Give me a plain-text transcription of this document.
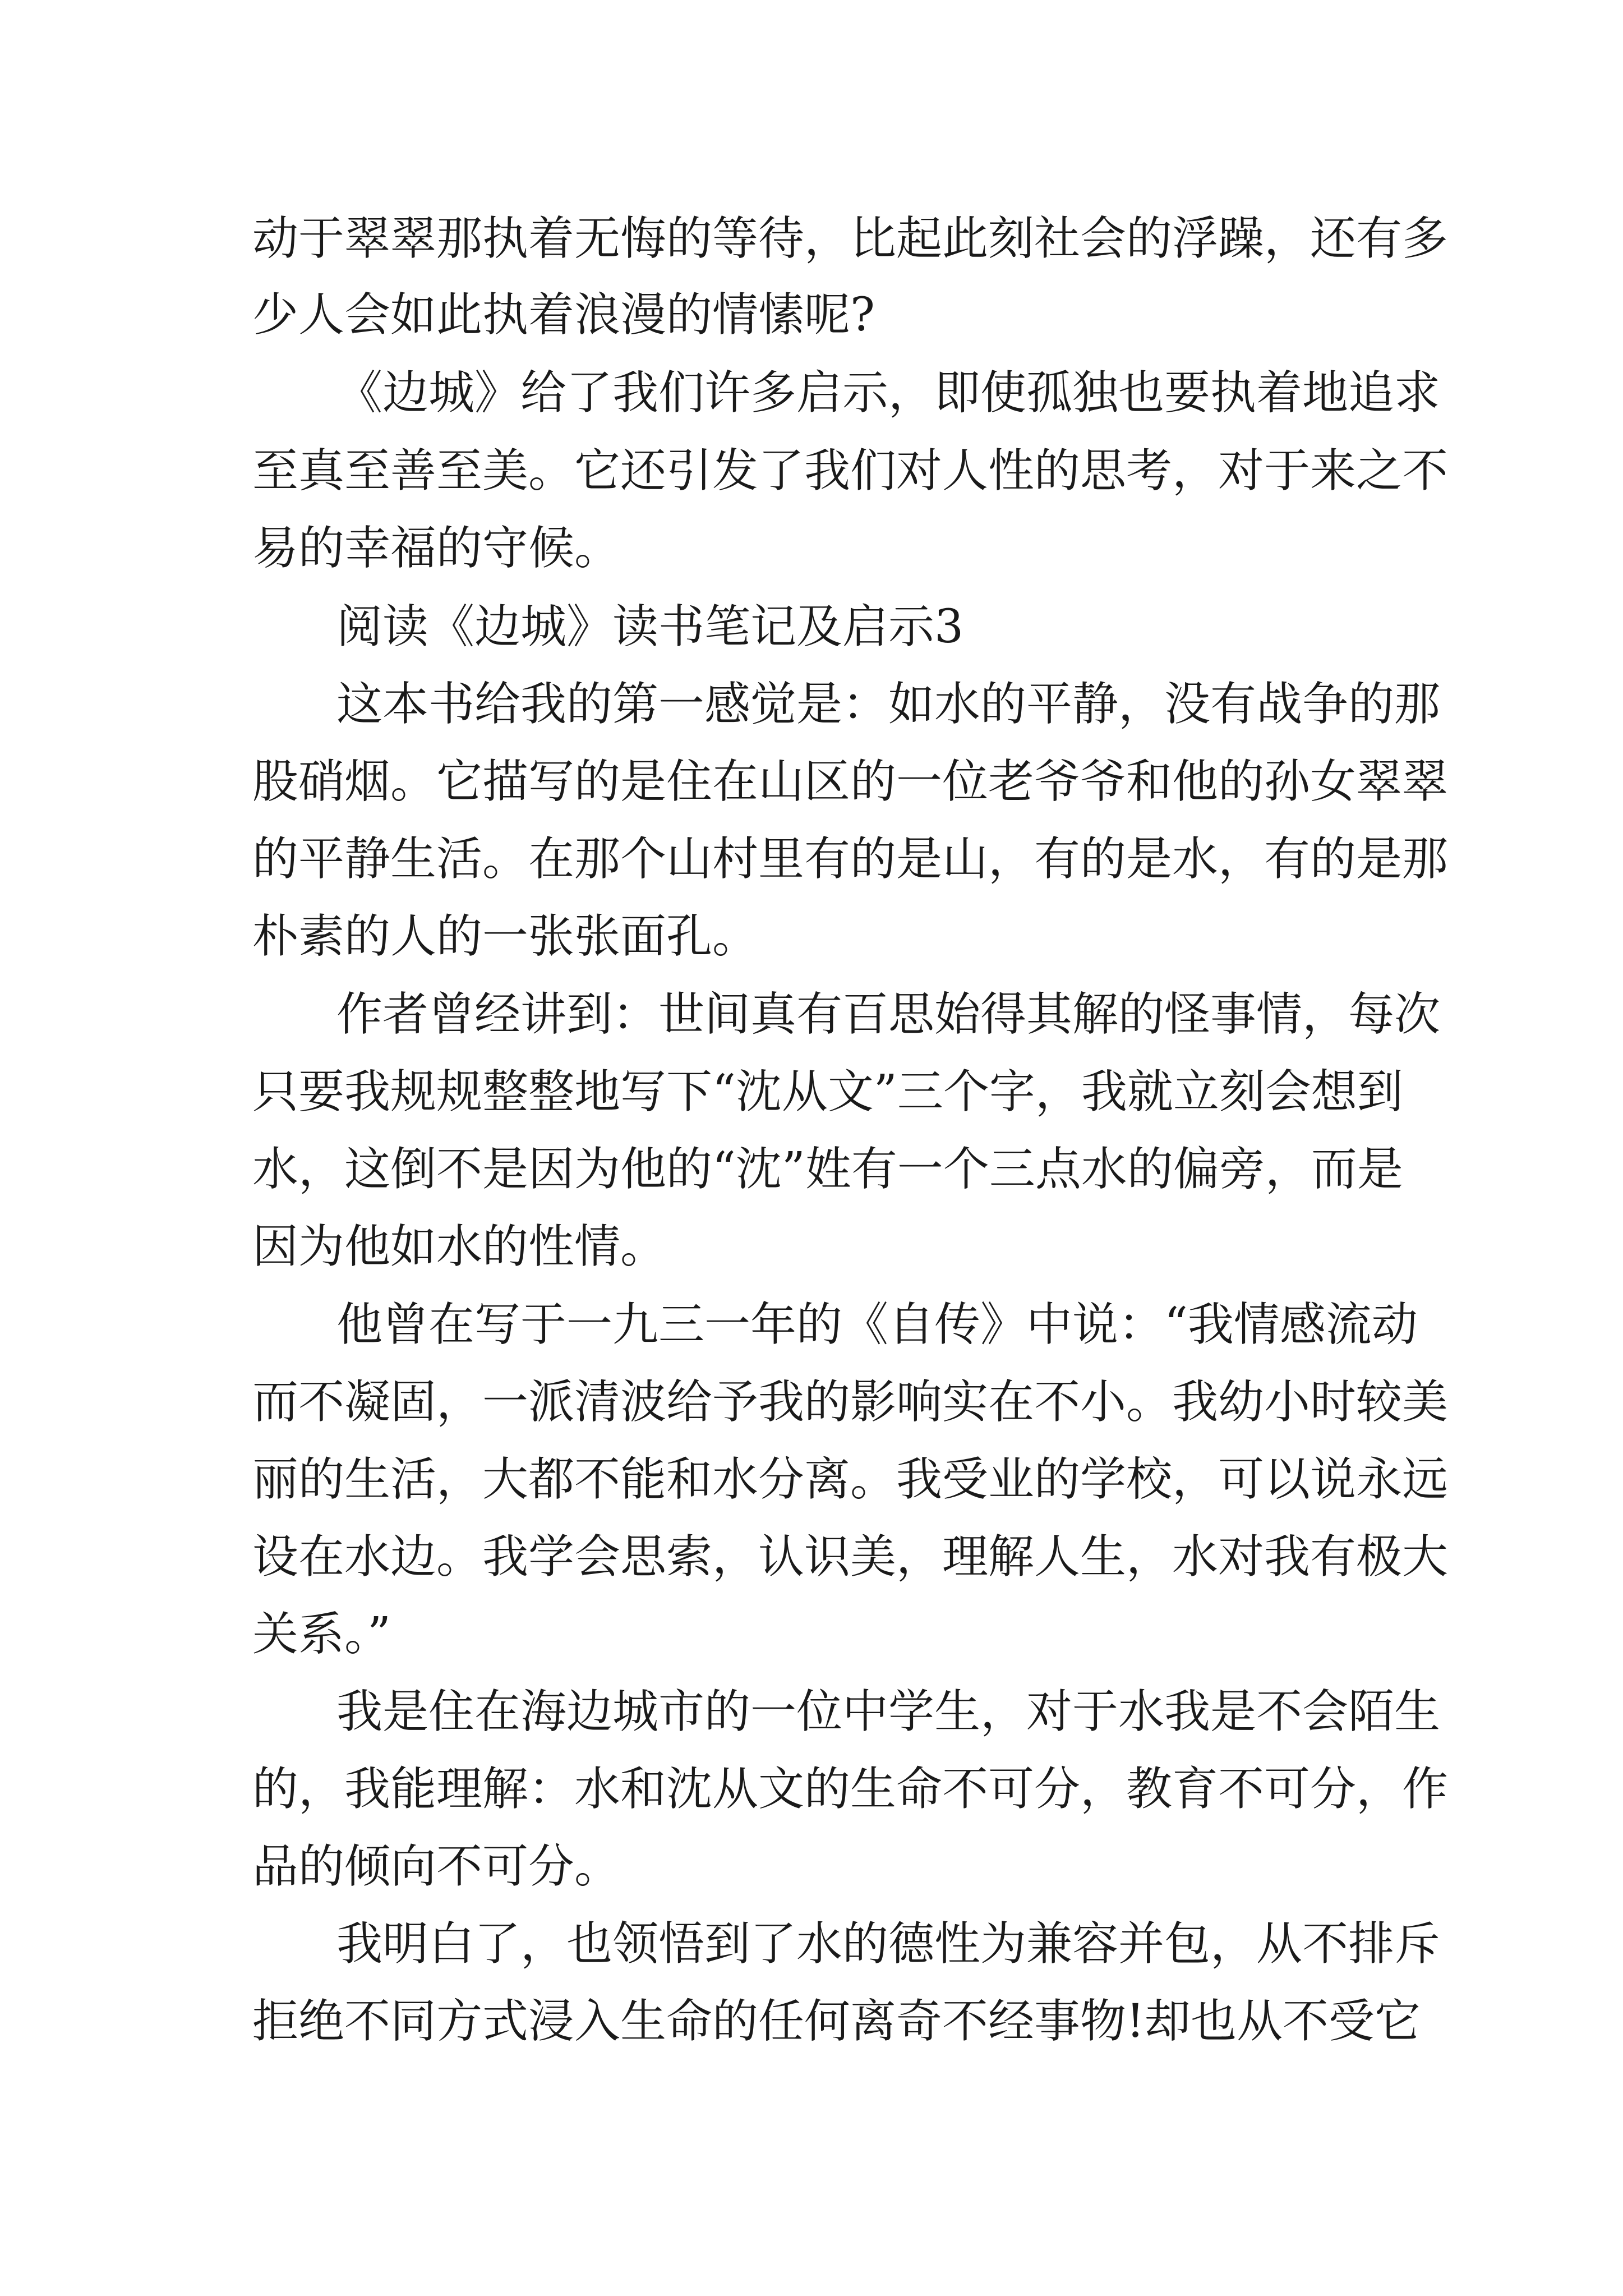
动于翠翠那执着无悔的等待，比起此刻社会的浮躁，还有多

少人会如此执着浪漫的情愫呢?

《边城》给了我们许多启示，即使孤独也要执着地追求

至真至善至美。它还引发了我们对人性的思考，对于来之不

易的幸福的守候。

阅读《边城》读书笔记及启示3

这本书给我的第一感觉是：如水的平静，没有战争的那

股硝烟。它描写的是住在山区的一位老爷爷和他的孙女翠翠

的平静生活。在那个山村里有的是山，有的是水，有的是那

朴素的人的一张张面孔。

作者曾经讲到：世间真有百思始得其解的怪事情，每次

只要我规规整整地写下“沈从文”三个字，我就立刻会想到

水，这倒不是因为他的“沈”姓有一个三点水的偏旁，而是

因为他如水的性情。

他曾在写于一九三一年的《自传》中说：“我情感流动

而不凝固，一派清波给予我的影响实在不小。我幼小时较美

丽的生活，大都不能和水分离。我受业的学校，可以说永远

设在水边。我学会思索，认识美，理解人生，水对我有极大

关系。”

我是住在海边城市的一位中学生，对于水我是不会陌生

的，我能理解：水和沈从文的生命不可分，教育不可分，作

品的倾向不可分。

我明白了，也领悟到了水的德性为兼容并包，从不排斥

拒绝不同方式浸入生命的任何离奇不经事物!却也从不受它
